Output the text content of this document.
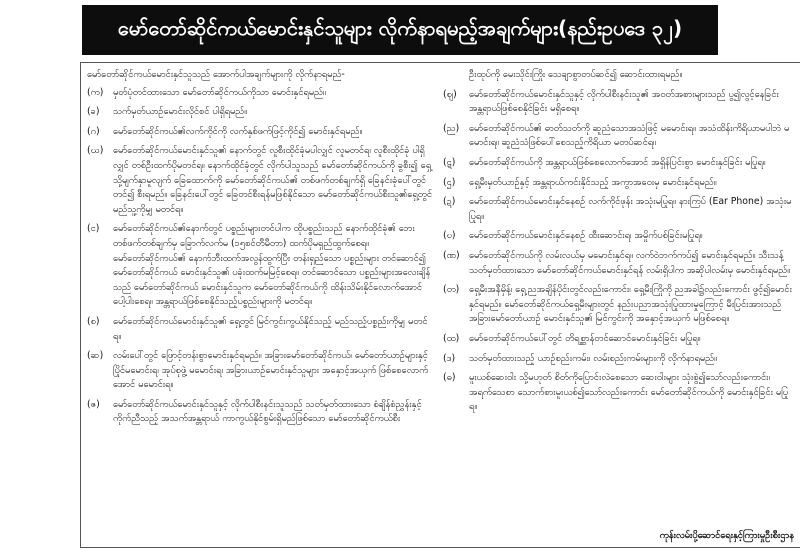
မော်တော်ဆိုင်ကယ်မောင်းနှင်သူများ လိုက်နာရမည့်အချက်များ(နည်းဥပဒေ ၃၂)
မော်တော်ဆိုင်ကယ်မောင်းနှင်သူသည် အောက်ပါအချက်များကို လိုက်နာရမည်-
(က)	မှတ်ပုံတင်ထားသော မော်တော်ဆိုင်ကယ်ကိုသာ မောင်းနှင်ရမည်။
(ခ)	သက်မှတ်ယာဉ်မောင်းလိုင်စင် ပါရှိရမည်။
(ဂ)	မော်တော်ဆိုင်ကယ်၏လက်ကိုင်ကို လက်နှစ်ဖက်ဖြင့်ကိုင်၍ မောင်းနှင်ရမည်။
(ဃ)	မော်တော်ဆိုင်ကယ်မောင်းနှင်သူ၏ နောက်တွင် လူစီးထိုင်ခုံမပါလျှင် လူမတင်ရ၊ လူစီးထိုင်ခုံ ပါရှိလျှင် တစ်ဦးထက်ပိုမတင်ရ။ နောက်ထိုင်ခုံတွင် လိုက်ပါသူသည် မော်တော်ဆိုင်ကယ်ကို ခွစီး၍ ရှေ့သို့မျက်နှာမူလျက် ခြေထောက်ကို မော်တော်ဆိုင်ကယ်၏ တစ်ဖက်တစ်ချက်ရှိ ခြေနင်းခုံပေါ်တွင်တင်၍ စီးရမည်။ ခြေနင်းပေါ်တွင် ခြေတင်စီးရန်မဖြစ်နိုင်သော မော်တော်ဆိုင်ကယ်စီးသူ၏ရှေ့တွင် မည်သူ့ကိုမျှ မတင်ရ။
(င)	မော်တော်ဆိုင်ကယ်၏နောက်တွင် ပစ္စည်းများတင်ပါက ထိုပစ္စည်းသည် နောက်ထိုင်ခုံ၏ ဘေးတစ်ဖက်တစ်ချက်မှ ခြောက်လက်မ (၁၅စင်တီမီတာ) ထက်ပိုမရှည်ထွက်စေရ။ မော်တော်ဆိုင်ကယ်၏ နောက်ဘီးထက်အလွန်ထွက်ပြီး တန်းရှည်သော ပစ္စည်းများ တင်ဆောင်၍ မော်တော်ဆိုင်ကယ် မောင်းနှင်သူ၏ ပခုံးထက်မမြင့်စေရ။ တင်ဆောင်သော ပစ္စည်းများအလေးချိန်သည် မော်တော်ဆိုင်ကယ် မောင်းနှင်သူက မော်တော်ဆိုင်ကယ်ကို ထိန်းသိမ်းနိုင်လောက်အောင် ပေါ့ပါးစေရ။ အန္တရာယ်ဖြစ်စေနိုင်သည့်ပစ္စည်းများကို မတင်ရ။
(စ)	မော်တော်ဆိုင်ကယ်မောင်းနှင်သူ၏ ရှေ့တွင် မြင်ကွင်းကွယ်နိုင်သည့် မည်သည့်ပစ္စည်းကိုမျှ မတင်ရ။
(ဆ)	လမ်းပေါ်တွင် ဖြောင့်တန်းစွာမောင်းနှင်ရမည်။ အခြားမော်တော်ဆိုင်ကယ်၊ မော်တော်ယာဉ်များနှင့် ပြိုင်မမောင်းရ၊ အုပ်စုဖွဲ့ မမောင်းရ၊ အခြားယာဉ်မောင်းနှင်သူများ အနှောင့်အယှက် ဖြစ်စေလောက်အောင် မမောင်းရ။
(ဇ)	မော်တော်ဆိုင်ကယ်မောင်းနှင်သူနှင့် လိုက်ပါစီးနင်းသူသည် သတ်မှတ်ထားသော စံချိန်စံညွှန်းနှင့်ကိုက်ညီသည့် အသက်အန္တရာယ် ကာကွယ်နိုင်စွမ်းရှိမည်ဖြစ်သော မော်တော်ဆိုင်ကယ်စီး
ဦးထုပ်ကို မေးသိုင်းကြိုး သေချာစွာတပ်ဆင်၍ ဆောင်းထားရမည်။
(ဈ)	မော်တော်ဆိုင်ကယ်မောင်းနှင်သူနှင့် လိုက်ပါစီးနင်းသူ၏ အဝတ်အစားများသည် ပွ၍လွင့်နေခြင်း အန္တရာယ်ဖြစ်စေနိုင်ခြင်း မရှိစေရ။
(ည)	မော်တော်ဆိုင်ကယ်၏ ဓာတ်သတ်ကို ဆူညံသောအသံဖြင့် မမောင်းရ။ အသံထိန်းကိရိယာမပါဘဲ မမောင်းရ။ ဆူညံသံဖြစ်ပေါ်စေသည့်ကိရိယာ မတပ်ဆင်ရ။
(ဋ)	မော်တော်ဆိုင်ကယ်ကို အန္တရာယ်ဖြစ်စေလောက်အောင် အရှိန်ပြင်းစွာ မောင်းနှင်ခြင်း မပြုရ။
(ဌ)	ရှေ့မီးမှတ်ယာဉ်နှင့် အန္တရာယ်ကင်းနိုင်သည့် အကွာအဝေးမှ မောင်းနှင်ရမည်။
(ဍ)	မော်တော်ဆိုင်ကယ်မောင်းနှင်နေစဉ် လက်ကိုင်ဖုန်း အသုံးမပြုရ။ နားကြပ် (Ear Phone) အသုံးမပြုရ။
(ဎ)	မော်တော်ဆိုင်ကယ်မောင်းနှင်နေစဉ် ထီးဆောင်းရ၊ အမှိုက်ပစ်ခြင်းမပြုရ။
(ဏ)	မော်တော်ဆိုင်ကယ်ကို လမ်းလယ်မှ မမောင်းနှင်ရ။ လက်ဝဲဘက်ကပ်၍ မောင်းနှင်ရမည်။ သီးသန့်သတ်မှတ်ထားသော မော်တော်ဆိုင်ကယ်မောင်းနှင်ရန် လမ်းရှိပါက အဆိုပါလမ်းမှ မောင်းနှင်ရမည်။
(တ)	ရှေ့မီးအနီမှိန့်၊ ရှေ့ညအချိန်ပိုင်းတွင်လည်းကောင်း၊ ရှေ့မီးကြိုကို ညအခါ၌လည်းကောင်း ဖွင့်၍မောင်းနှင်ရမည်။ မော်တော်ဆိုင်ကယ်ရှေ့မီးများတွင် နည်းပညာအသုံးပြုထားမှုကြောင့် မီးပြင်းအားသည် အခြားမော်တော်ယာဉ် မောင်းနှင်သူ၏ မြင်ကွင်းကို အနှောင့်အယှက် မဖြစ်စေရ။
(ထ)	မော်တော်ဆိုင်ကယ်ပေါ်တွင် တိရစ္ဆာန်တင်ဆောင်မောင်းနှင်ခြင်း မပြုရ။
(ဒ)	သတ်မှတ်ထားသည့် ယာဉ်စည်းကမ်း၊ လမ်းစည်းကမ်းများကို လိုက်နာရမည်။
(ဓ)	မူးယစ်ဆေးဝါး သို့မဟုတ် စိတ်ကိုပြောင်းလဲစေသော ဆေးဝါးများ သုံးစွဲ၍သော်လည်းကောင်း၊ အရက်သေစာ သောက်စားမူးယစ်၍သော်လည်းကောင်း မော်တော်ဆိုင်ကယ်ကို မောင်းနှင်ခြင်း မပြုရ။
ကုန်းလမ်းပို့ဆောင်ရေးနှင့်ကြားမှုဦးစီးဌာန
